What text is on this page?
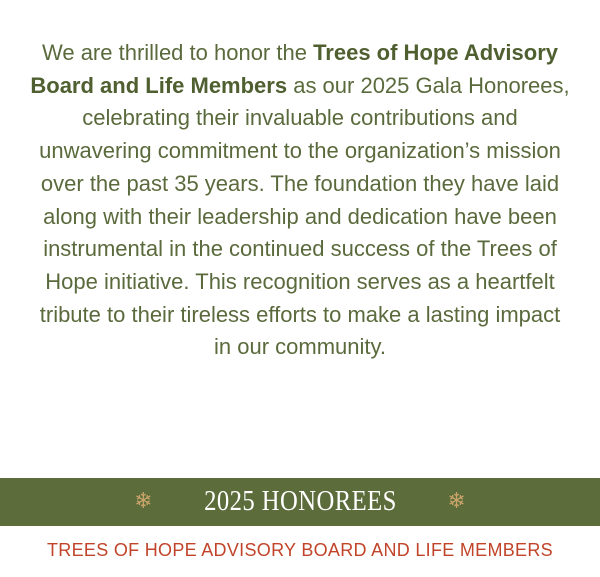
We are thrilled to honor the Trees of Hope Advisory Board and Life Members as our 2025 Gala Honorees, celebrating their invaluable contributions and unwavering commitment to the organization’s mission over the past 35 years. The foundation they have laid along with their leadership and dedication have been instrumental in the continued success of the Trees of Hope initiative. This recognition serves as a heartfelt tribute to their tireless efforts to make a lasting impact in our community.

❄ 2025 HONOREES ❄

TREES OF HOPE ADVISORY BOARD AND LIFE MEMBERS
